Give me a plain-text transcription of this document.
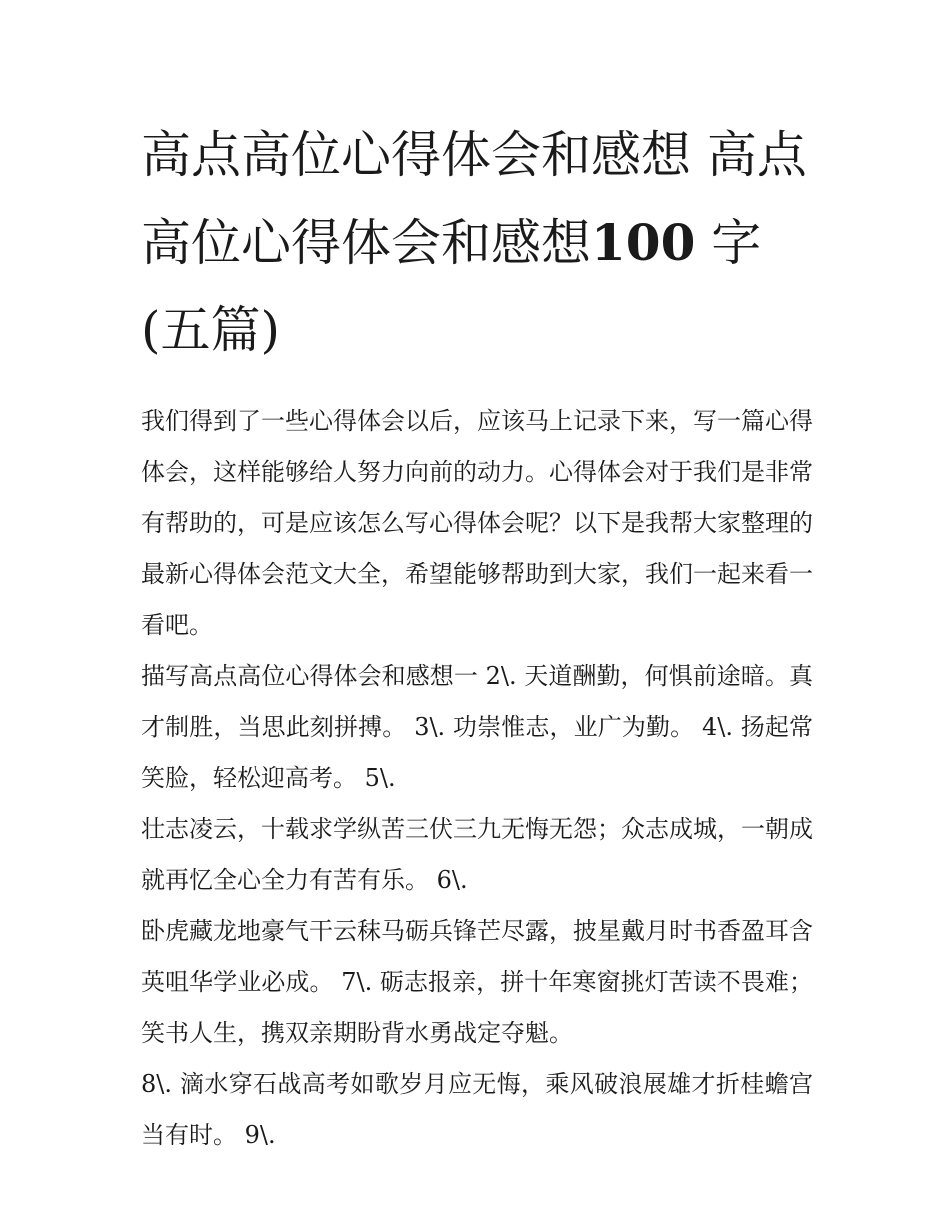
高点高位心得体会和感想 高点高位心得体会和感想100 字(五篇)

我们得到了一些心得体会以后，应该马上记录下来，写一篇心得体会，这样能够给人努力向前的动力。心得体会对于我们是非常有帮助的，可是应该怎么写心得体会呢？以下是我帮大家整理的最新心得体会范文大全，希望能够帮助到大家，我们一起来看一看吧。

描写高点高位心得体会和感想一 2\. 天道酬勤，何惧前途暗。真才制胜，当思此刻拼搏。 3\. 功崇惟志，业广为勤。 4\. 扬起常笑脸，轻松迎高考。 5\.

壮志凌云，十载求学纵苦三伏三九无悔无怨；众志成城，一朝成就再忆全心全力有苦有乐。 6\.

卧虎藏龙地豪气干云秣马砺兵锋芒尽露，披星戴月时书香盈耳含英咀华学业必成。 7\. 砺志报亲，拼十年寒窗挑灯苦读不畏难；笑书人生，携双亲期盼背水勇战定夺魁。

8\. 滴水穿石战高考如歌岁月应无悔，乘风破浪展雄才折桂蟾宫当有时。 9\.
